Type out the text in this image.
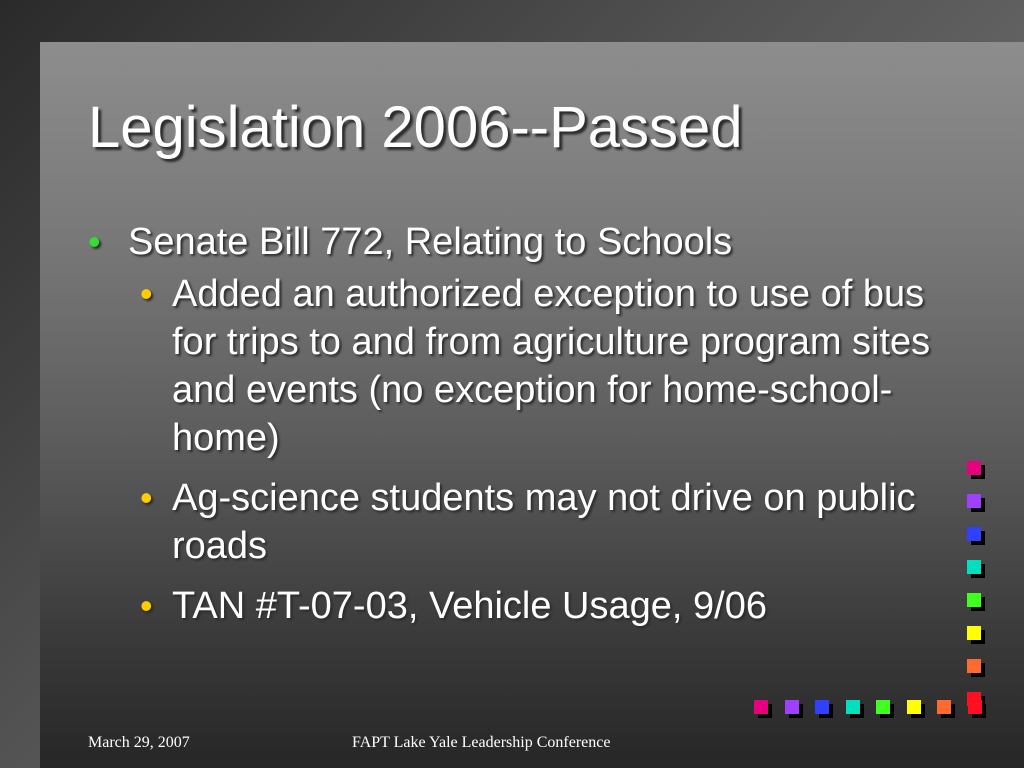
Legislation 2006--Passed
• Senate Bill 772, Relating to Schools
• Added an authorized exception to use of bus for trips to and from agriculture program sites and events (no exception for home-school-home)
• Ag-science students may not drive on public roads
• TAN #T-07-03, Vehicle Usage, 9/06
March 29, 2007	FAPT Lake Yale Leadership Conference
